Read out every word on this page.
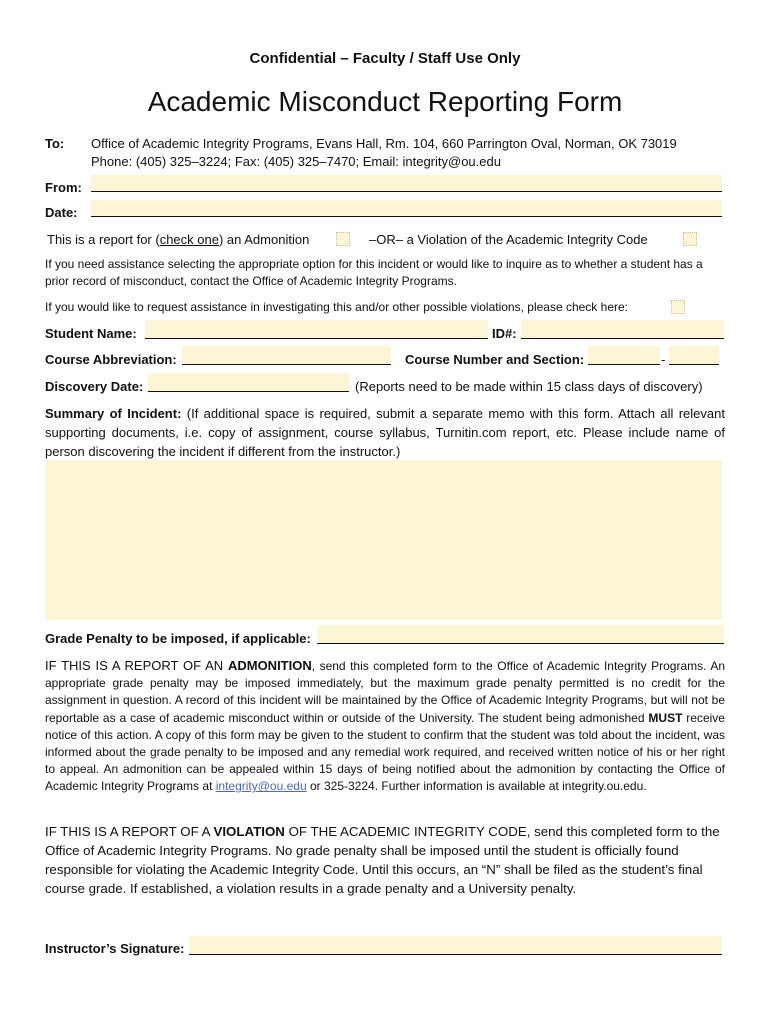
Confidential – Faculty / Staff Use Only
Academic Misconduct Reporting Form
To: Office of Academic Integrity Programs, Evans Hall, Rm. 104, 660 Parrington Oval, Norman, OK 73019
Phone: (405) 325–3224; Fax: (405) 325–7470; Email: integrity@ou.edu
From:
Date:
This is a report for (check one) an Admonition	–OR– a Violation of the Academic Integrity Code
If you need assistance selecting the appropriate option for this incident or would like to inquire as to whether a student has a prior record of misconduct, contact the Office of Academic Integrity Programs.
If you would like to request assistance in investigating this and/or other possible violations, please check here:
Student Name:	ID#:
Course Abbreviation:	Course Number and Section:	-
Discovery Date:	(Reports need to be made within 15 class days of discovery)
Summary of Incident: (If additional space is required, submit a separate memo with this form. Attach all relevant supporting documents, i.e. copy of assignment, course syllabus, Turnitin.com report, etc. Please include name of person discovering the incident if different from the instructor.)
Grade Penalty to be imposed, if applicable:
IF THIS IS A REPORT OF AN ADMONITION, send this completed form to the Office of Academic Integrity Programs. An appropriate grade penalty may be imposed immediately, but the maximum grade penalty permitted is no credit for the assignment in question. A record of this incident will be maintained by the Office of Academic Integrity Programs, but will not be reportable as a case of academic misconduct within or outside of the University. The student being admonished MUST receive notice of this action. A copy of this form may be given to the student to confirm that the student was told about the incident, was informed about the grade penalty to be imposed and any remedial work required, and received written notice of his or her right to appeal. An admonition can be appealed within 15 days of being notified about the admonition by contacting the Office of Academic Integrity Programs at integrity@ou.edu or 325-3224. Further information is available at integrity.ou.edu.
IF THIS IS A REPORT OF A VIOLATION OF THE ACADEMIC INTEGRITY CODE, send this completed form to the Office of Academic Integrity Programs. No grade penalty shall be imposed until the student is officially found responsible for violating the Academic Integrity Code. Until this occurs, an “N” shall be filed as the student’s final course grade. If established, a violation results in a grade penalty and a University penalty.
Instructor’s Signature:
